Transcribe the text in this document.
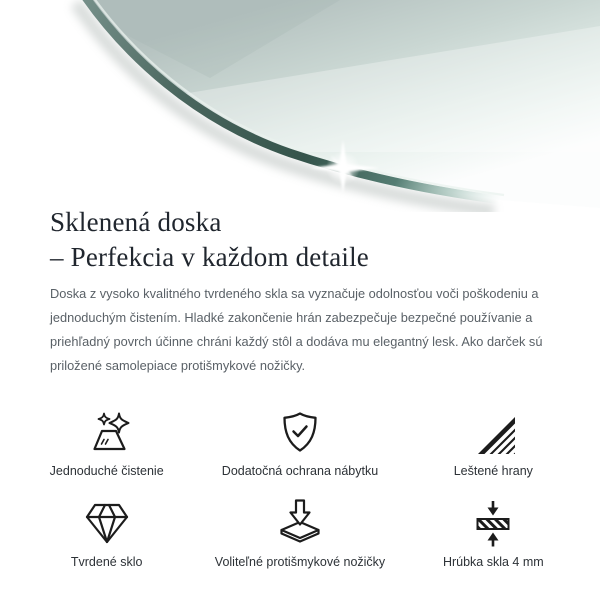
Sklenená doska
– Perfekcia v každom detaile

Doska z vysoko kvalitného tvrdeného skla sa vyznačuje odolnosťou voči poškodeniu a jednoduchým čistením. Hladké zakončenie hrán zabezpečuje bezpečné používanie a priehľadný povrch účinne chráni každý stôl a dodáva mu elegantný lesk. Ako darček sú priložené samolepiace protišmykové nožičky.

Jednoduché čistenie	Dodatočná ochrana nábytku	Leštené hrany
Tvrdené sklo	Voliteľné protišmykové nožičky	Hrúbka skla 4 mm
